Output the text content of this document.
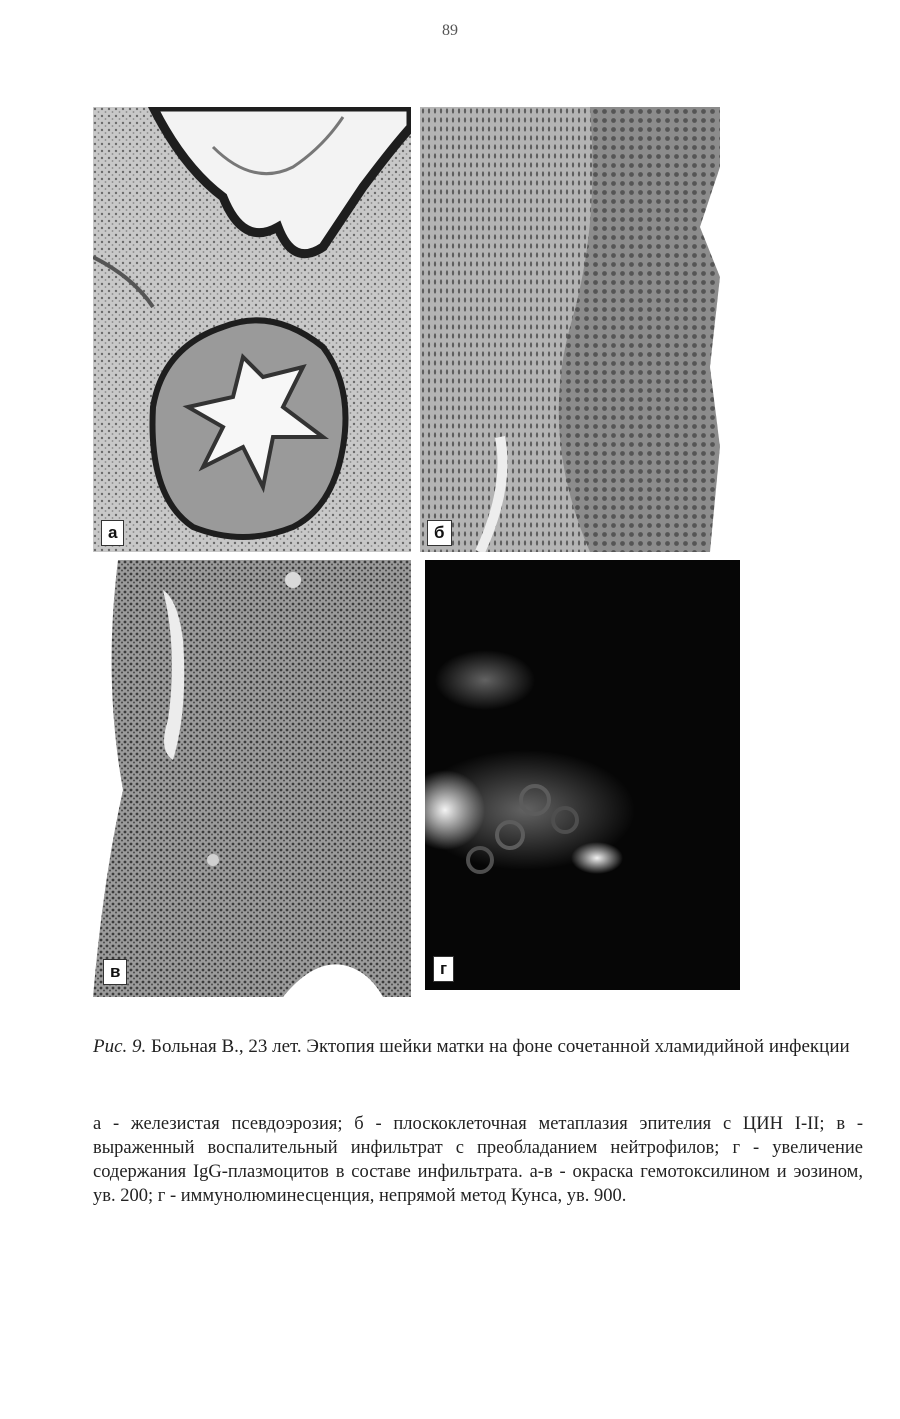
89
а	б
в	г
Рис. 9. Больная В., 23 лет. Эктопия шейки матки на фоне сочетанной хламидийной инфекции
а - железистая псевдоэрозия; б - плоскоклеточная метаплазия эпителия с ЦИН I-II; в - выраженный воспалительный инфильтрат с преобладанием нейтрофилов; г - увеличение содержания IgG-плазмоцитов в составе инфильтрата. а-в - окраска гемотоксилином и эозином, ув. 200; г - иммунолюминесценция, непрямой метод Кунса, ув. 900.
